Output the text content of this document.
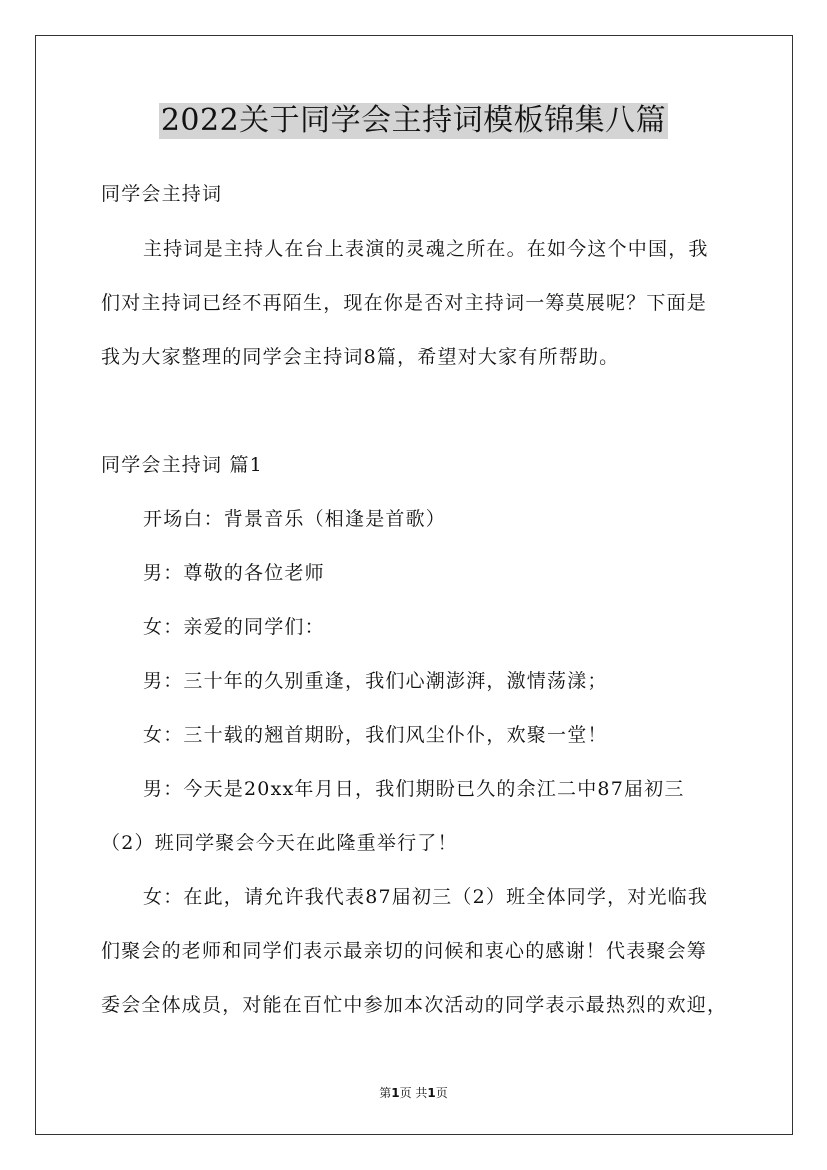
2022关于同学会主持词模板锦集八篇
同学会主持词
主持词是主持人在台上表演的灵魂之所在。在如今这个中国，我
们对主持词已经不再陌生，现在你是否对主持词一筹莫展呢？下面是
我为大家整理的同学会主持词8篇，希望对大家有所帮助。
同学会主持词 篇1
开场白：背景音乐（相逢是首歌）
男：尊敬的各位老师
女：亲爱的同学们：
男：三十年的久别重逢，我们心潮澎湃，激情荡漾；
女：三十载的翘首期盼，我们风尘仆仆，欢聚一堂！
男：今天是20xx年月日，我们期盼已久的余江二中87届初三
（2）班同学聚会今天在此隆重举行了！
女：在此，请允许我代表87届初三（2）班全体同学，对光临我
们聚会的老师和同学们表示最亲切的问候和衷心的感谢！代表聚会筹
委会全体成员，对能在百忙中参加本次活动的同学表示最热烈的欢迎，
第1页 共1页
